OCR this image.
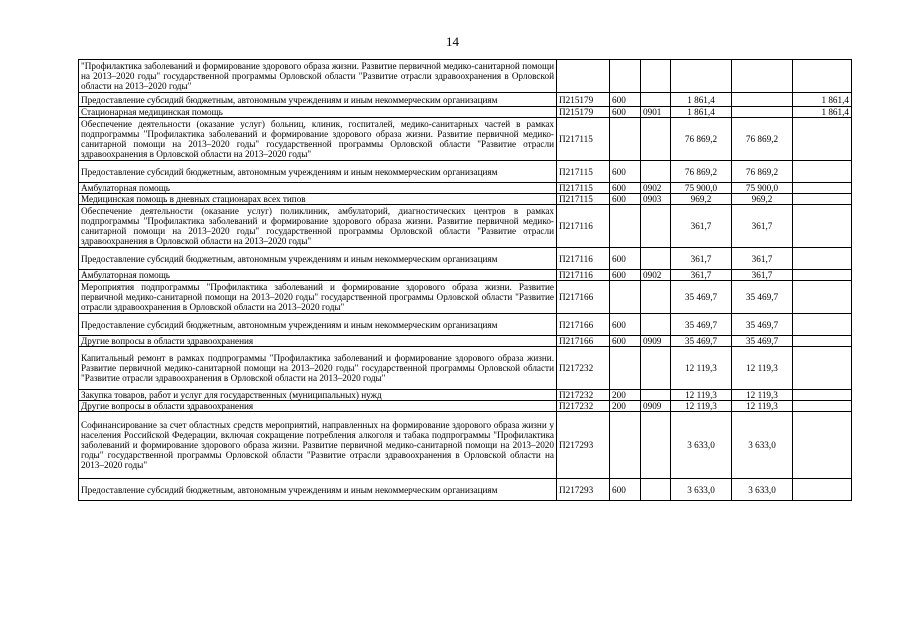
14
"Профилактика заболеваний и формирование здорового образа жизни. Развитие первичной медико-санитарной помощи на 2013–2020 годы" государственной программы Орловской области "Развитие отрасли здравоохранения в Орловской области на 2013–2020 годы"						
Предоставление субсидий бюджетным, автономным учреждениям и иным некоммерческим организациям	П215179	600		1 861,4		1 861,4
Стационарная медицинская помощь	П215179	600	0901	1 861,4		1 861,4
Обеспечение деятельности (оказание услуг) больниц, клиник, госпиталей, медико-санитарных частей в рамках подпрограммы "Профилактика заболеваний и формирование здорового образа жизни. Развитие первичной медико-санитарной помощи на 2013–2020 годы" государственной программы Орловской области "Развитие отрасли здравоохранения в Орловской области на 2013–2020 годы"	П217115			76 869,2	76 869,2	
Предоставление субсидий бюджетным, автономным учреждениям и иным некоммерческим организациям	П217115	600		76 869,2	76 869,2	
Амбулаторная помощь	П217115	600	0902	75 900,0	75 900,0	
Медицинская помощь в дневных стационарах всех типов	П217115	600	0903	969,2	969,2	
Обеспечение деятельности (оказание услуг) поликлиник, амбулаторий, диагностических центров в рамках подпрограммы "Профилактика заболеваний и формирование здорового образа жизни. Развитие первичной медико-санитарной помощи на 2013–2020 годы" государственной программы Орловской области "Развитие отрасли здравоохранения в Орловской области на 2013–2020 годы"	П217116			361,7	361,7	
Предоставление субсидий бюджетным, автономным учреждениям и иным некоммерческим организациям	П217116	600		361,7	361,7	
Амбулаторная помощь	П217116	600	0902	361,7	361,7	
Мероприятия подпрограммы "Профилактика заболеваний и формирование здорового образа жизни. Развитие первичной медико-санитарной помощи на 2013–2020 годы" государственной программы Орловской области "Развитие отрасли здравоохранения в Орловской области на 2013–2020 годы"	П217166			35 469,7	35 469,7	
Предоставление субсидий бюджетным, автономным учреждениям и иным некоммерческим организациям	П217166	600		35 469,7	35 469,7	
Другие вопросы в области здравоохранения	П217166	600	0909	35 469,7	35 469,7	
Капитальный ремонт в рамках подпрограммы "Профилактика заболеваний и формирование здорового образа жизни. Развитие первичной медико-санитарной помощи на 2013–2020 годы" государственной программы Орловской области "Развитие отрасли здравоохранения в Орловской области на 2013–2020 годы"	П217232			12 119,3	12 119,3	
Закупка товаров, работ и услуг для государственных (муниципальных) нужд	П217232	200		12 119,3	12 119,3	
Другие вопросы в области здравоохранения	П217232	200	0909	12 119,3	12 119,3	
Софинансирование за счет областных средств мероприятий, направленных на формирование здорового образа жизни у населения Российской Федерации, включая сокращение потребления алкоголя и табака подпрограммы "Профилактика заболеваний и формирование здорового образа жизни. Развитие первичной медико-санитарной помощи на 2013–2020 годы" государственной программы Орловской области "Развитие отрасли здравоохранения в Орловской области на 2013–2020 годы"	П217293			3 633,0	3 633,0	
Предоставление субсидий бюджетным, автономным учреждениям и иным некоммерческим организациям	П217293	600		3 633,0	3 633,0	
